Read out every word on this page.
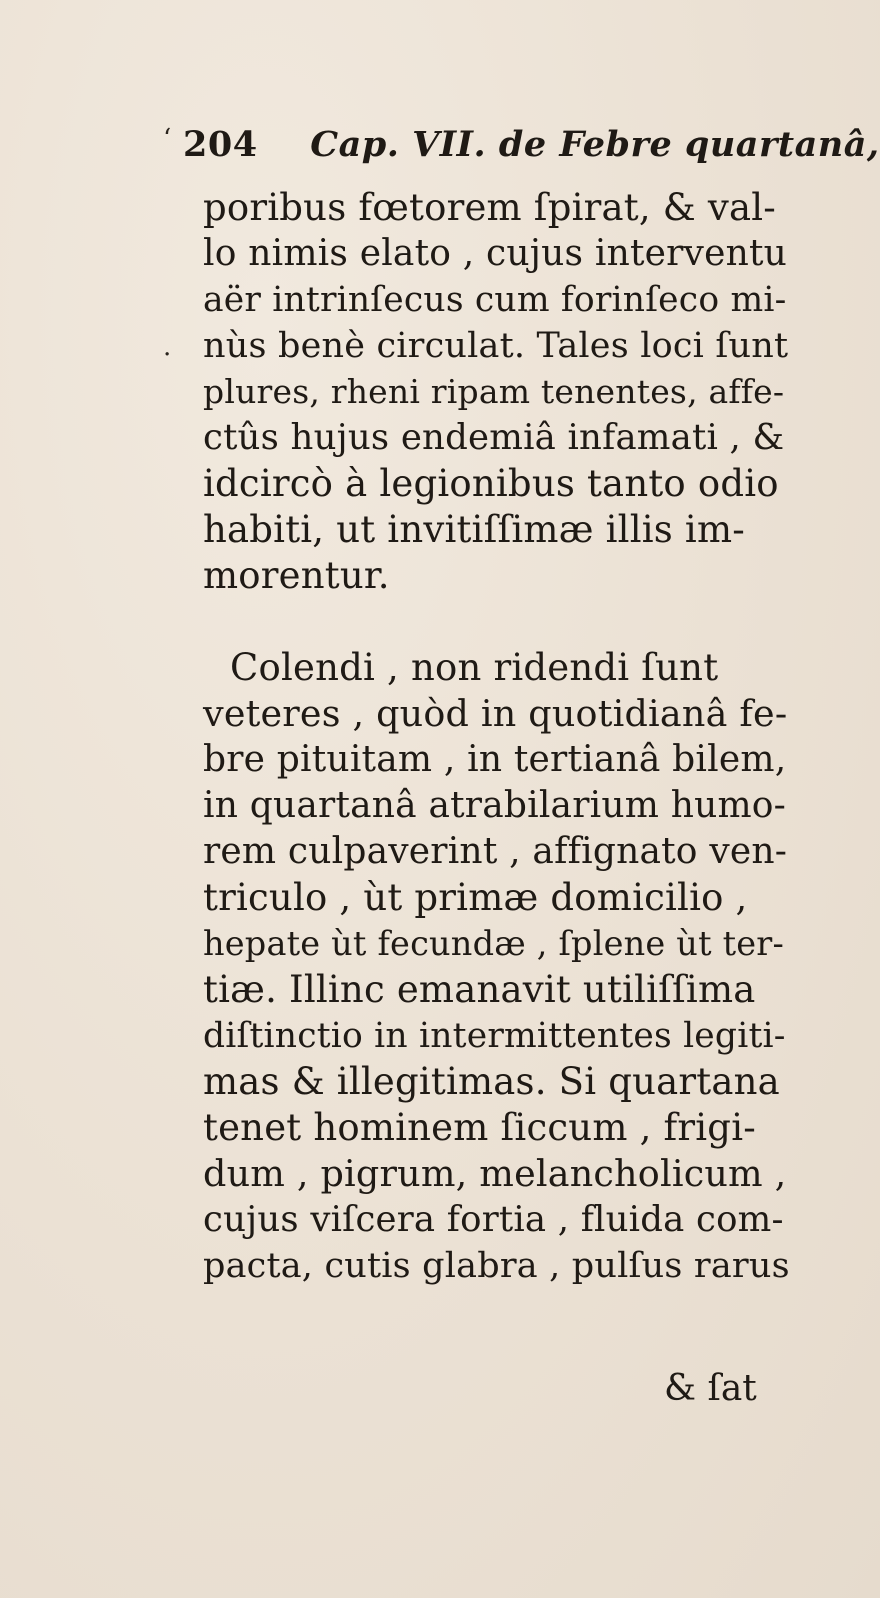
204 Cap. VII. de Febre quartanâ,
‘
.
poribus fœtorem ſpirat, & val-
lo nimis elato , cujus interventu
aër intrinſecus cum forinſeco mi-
nùs benè circulat. Tales loci ſunt
plures, rheni ripam tenentes, affe-
ctûs hujus endemiâ infamati , &
idcircò à legionibus tanto odio
habiti, ut invitiſſimæ illis im-
morentur.
Colendi , non ridendi ſunt
veteres , quòd in quotidianâ fe-
bre pituitam , in tertianâ bilem,
in quartanâ atrabilarium humo-
rem culpaverint , affignato ven-
triculo , ùt primæ domicilio ,
hepate ùt fecundæ , ſplene ùt ter-
tiæ. Illinc emanavit utiliſſima
diſtinctio in intermittentes legiti-
mas & illegitimas. Si quartana
tenet hominem ſiccum , frigi-
dum , pigrum, melancholicum ,
cujus viſcera fortia , fluida com-
pacta, cutis glabra , pulſus rarus
& ſat
